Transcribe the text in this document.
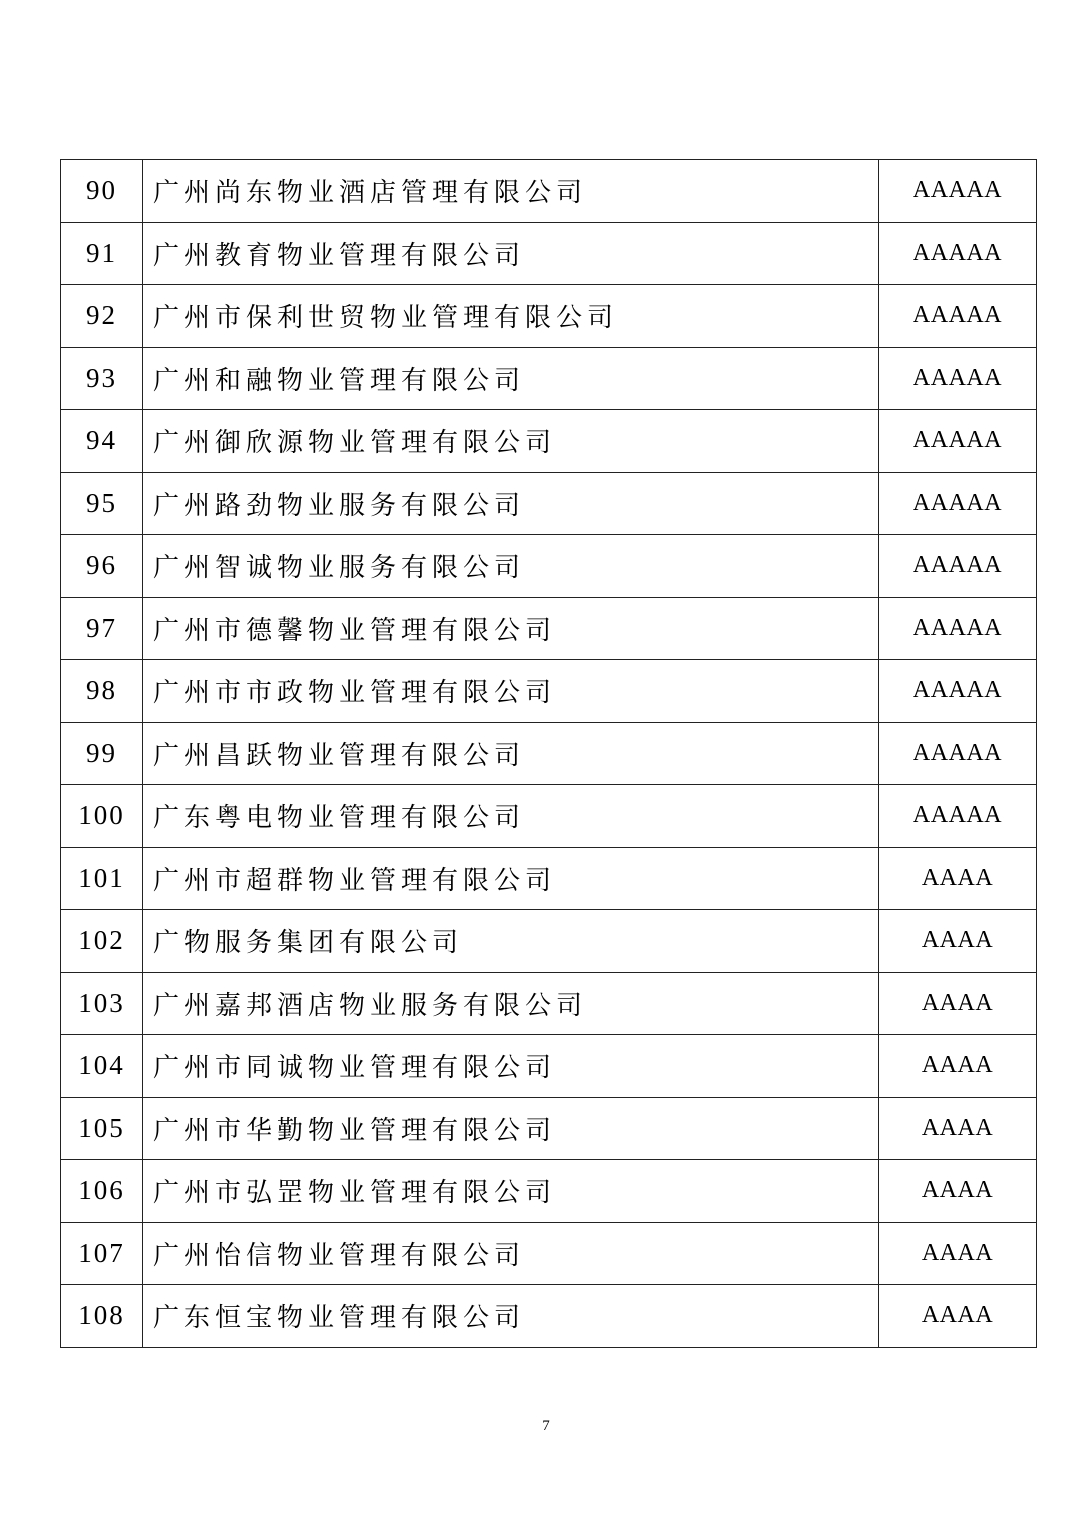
90	广州尚东物业酒店管理有限公司	AAAAA
91	广州教育物业管理有限公司	AAAAA
92	广州市保利世贸物业管理有限公司	AAAAA
93	广州和融物业管理有限公司	AAAAA
94	广州御欣源物业管理有限公司	AAAAA
95	广州路劲物业服务有限公司	AAAAA
96	广州智诚物业服务有限公司	AAAAA
97	广州市德馨物业管理有限公司	AAAAA
98	广州市市政物业管理有限公司	AAAAA
99	广州昌跃物业管理有限公司	AAAAA
100	广东粤电物业管理有限公司	AAAAA
101	广州市超群物业管理有限公司	AAAA
102	广物服务集团有限公司	AAAA
103	广州嘉邦酒店物业服务有限公司	AAAA
104	广州市同诚物业管理有限公司	AAAA
105	广州市华勤物业管理有限公司	AAAA
106	广州市弘罡物业管理有限公司	AAAA
107	广州怡信物业管理有限公司	AAAA
108	广东恒宝物业管理有限公司	AAAA
7
